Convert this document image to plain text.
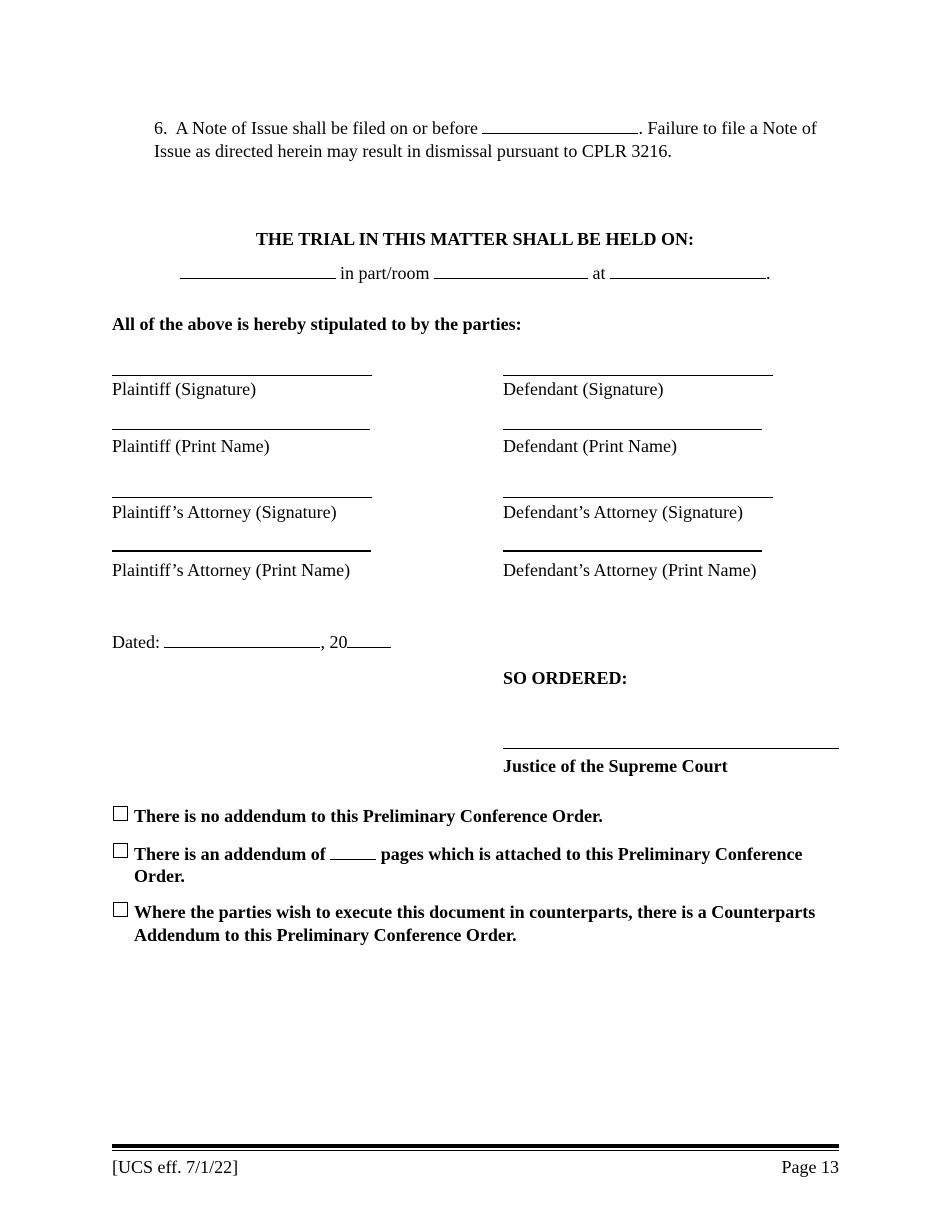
6. A Note of Issue shall be filed on or before	. Failure to file a Note of
Issue as directed herein may result in dismissal pursuant to CPLR 3216.
THE TRIAL IN THIS MATTER SHALL BE HELD ON:
in part/room	at	.
All of the above is hereby stipulated to by the parties:
Plaintiff (Signature)	Defendant (Signature)
Plaintiff (Print Name)	Defendant (Print Name)
Plaintiff’s Attorney (Signature)	Defendant’s Attorney (Signature)
Plaintiff’s Attorney (Print Name)	Defendant’s Attorney (Print Name)
Dated:	, 20
SO ORDERED:
Justice of the Supreme Court
There is no addendum to this Preliminary Conference Order.
There is an addendum of	pages which is attached to this Preliminary Conference
Order.
Where the parties wish to execute this document in counterparts, there is a Counterparts
Addendum to this Preliminary Conference Order.
[UCS eff. 7/1/22]	Page 13
